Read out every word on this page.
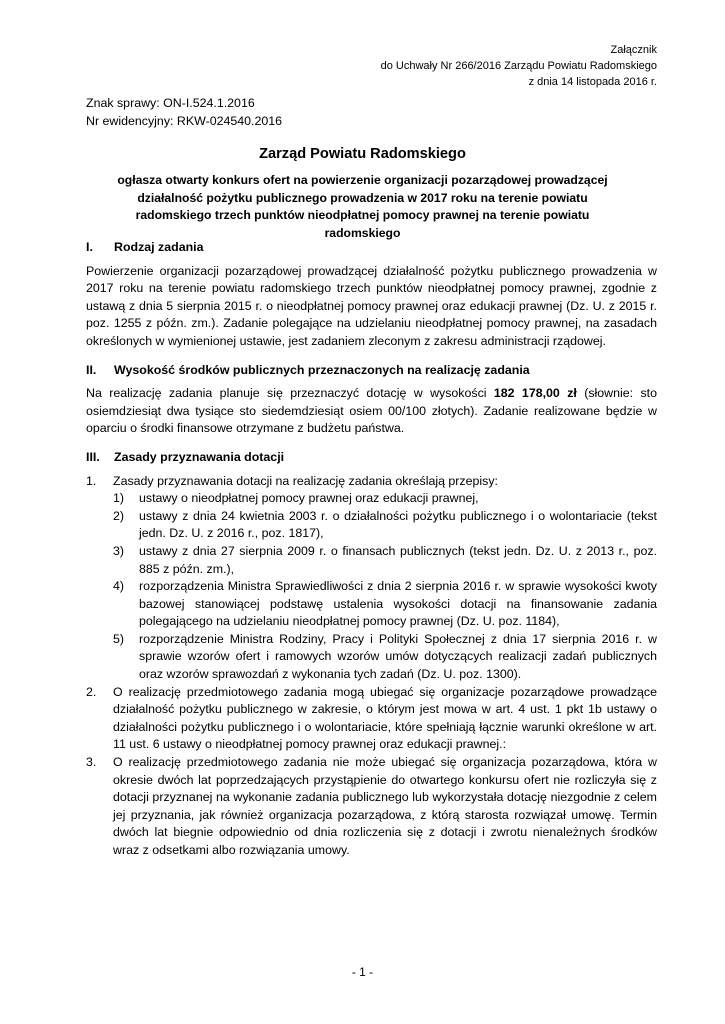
Załącznik
do Uchwały Nr 266/2016 Zarządu Powiatu Radomskiego
z dnia 14 listopada 2016 r.
Znak sprawy: ON-I.524.1.2016
Nr ewidencyjny: RKW-024540.2016
Zarząd Powiatu Radomskiego
ogłasza otwarty konkurs ofert na powierzenie organizacji pozarządowej prowadzącej działalność pożytku publicznego prowadzenia w 2017 roku na terenie powiatu radomskiego trzech punktów nieodpłatnej pomocy prawnej na terenie powiatu radomskiego
I.	Rodzaj zadania

Powierzenie organizacji pozarządowej prowadzącej działalność pożytku publicznego prowadzenia w 2017 roku na terenie powiatu radomskiego trzech punktów nieodpłatnej pomocy prawnej, zgodnie z ustawą z dnia 5 sierpnia 2015 r. o nieodpłatnej pomocy prawnej oraz edukacji prawnej (Dz. U. z 2015 r. poz. 1255 z późn. zm.). Zadanie polegające na udzielaniu nieodpłatnej pomocy prawnej, na zasadach określonych w wymienionej ustawie, jest zadaniem zleconym z zakresu administracji rządowej.

II.	Wysokość środków publicznych przeznaczonych na realizację zadania

Na realizację zadania planuje się przeznaczyć dotację w wysokości 182 178,00 zł (słownie: sto osiemdziesiąt dwa tysiące sto siedemdziesiąt osiem 00/100 złotych). Zadanie realizowane będzie w oparciu o środki finansowe otrzymane z budżetu państwa.

III.	Zasady przyznawania dotacji
1.	Zasady przyznawania dotacji na realizację zadania określają przepisy:
1)	ustawy o nieodpłatnej pomocy prawnej oraz edukacji prawnej,
2)	ustawy z dnia 24 kwietnia 2003 r. o działalności pożytku publicznego i o wolontariacie (tekst jedn. Dz. U. z 2016 r., poz. 1817),
3)	ustawy z dnia 27 sierpnia 2009 r. o finansach publicznych (tekst jedn. Dz. U. z 2013 r., poz. 885 z późn. zm.),
4)	rozporządzenia Ministra Sprawiedliwości z dnia 2 sierpnia 2016 r. w sprawie wysokości kwoty bazowej stanowiącej podstawę ustalenia wysokości dotacji na finansowanie zadania polegającego na udzielaniu nieodpłatnej pomocy prawnej (Dz. U. poz. 1184),
5)	rozporządzenie Ministra Rodziny, Pracy i Polityki Społecznej z dnia 17 sierpnia 2016 r. w sprawie wzorów ofert i ramowych wzorów umów dotyczących realizacji zadań publicznych oraz wzorów sprawozdań z wykonania tych zadań (Dz. U. poz. 1300).
2.	O realizację przedmiotowego zadania mogą ubiegać się organizacje pozarządowe prowadzące działalność pożytku publicznego w zakresie, o którym jest mowa w art. 4 ust. 1 pkt 1b ustawy o działalności pożytku publicznego i o wolontariacie, które spełniają łącznie warunki określone w art. 11 ust. 6 ustawy o nieodpłatnej pomocy prawnej oraz edukacji prawnej.:
3.	O realizację przedmiotowego zadania nie może ubiegać się organizacja pozarządowa, która w okresie dwóch lat poprzedzających przystąpienie do otwartego konkursu ofert nie rozliczyła się z dotacji przyznanej na wykonanie zadania publicznego lub wykorzystała dotację niezgodnie z celem jej przyznania, jak również organizacja pozarządowa, z którą starosta rozwiązał umowę. Termin dwóch lat biegnie odpowiednio od dnia rozliczenia się z dotacji i zwrotu nienależnych środków wraz z odsetkami albo rozwiązania umowy.
- 1 -
